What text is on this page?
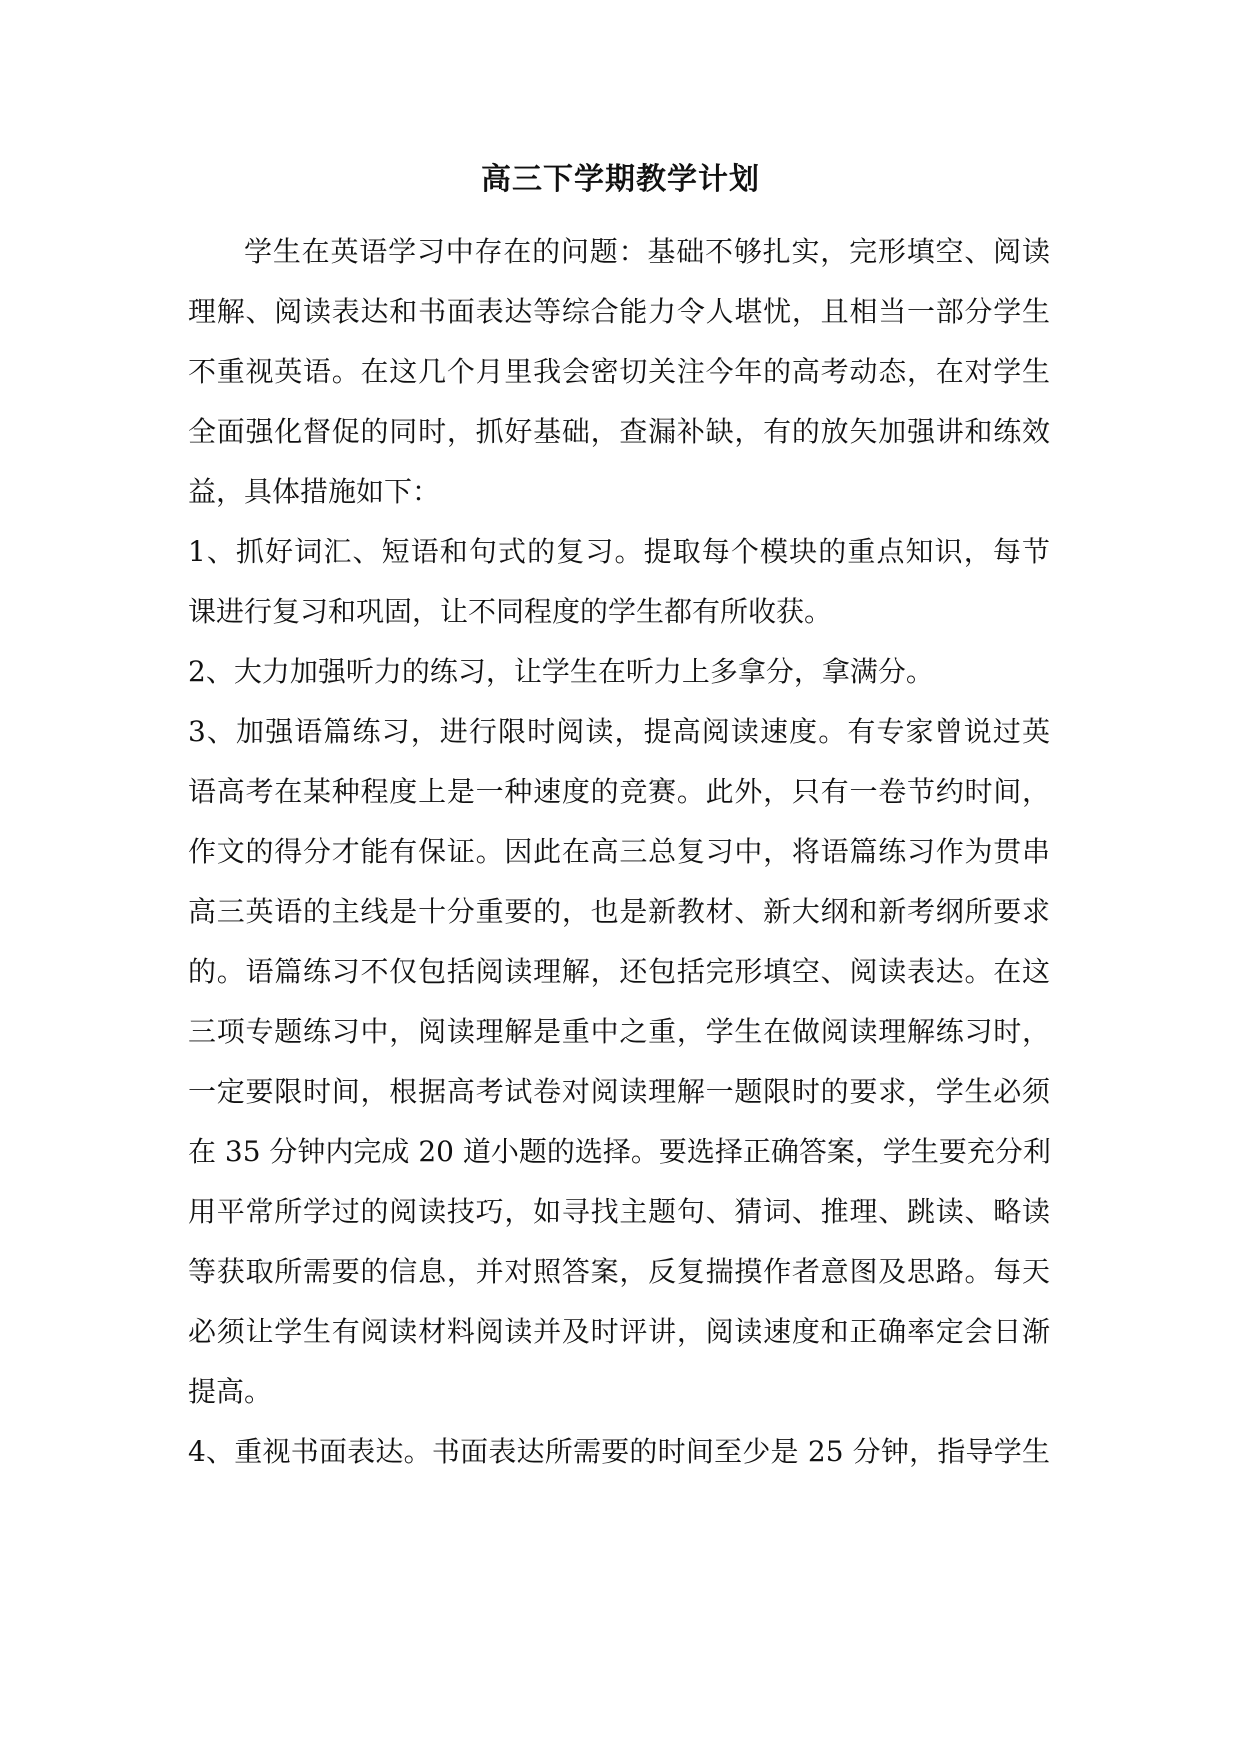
高三下学期教学计划
学生在英语学习中存在的问题：基础不够扎实，完形填空、阅读
理解、阅读表达和书面表达等综合能力令人堪忧，且相当一部分学生
不重视英语。在这几个月里我会密切关注今年的高考动态，在对学生
全面强化督促的同时，抓好基础，查漏补缺，有的放矢加强讲和练效
益，具体措施如下：
1、抓好词汇、短语和句式的复习。提取每个模块的重点知识，每节
课进行复习和巩固，让不同程度的学生都有所收获。
2、大力加强听力的练习，让学生在听力上多拿分，拿满分。
3、加强语篇练习，进行限时阅读，提高阅读速度。有专家曾说过英
语高考在某种程度上是一种速度的竞赛。此外，只有一卷节约时间，
作文的得分才能有保证。因此在高三总复习中，将语篇练习作为贯串
高三英语的主线是十分重要的，也是新教材、新大纲和新考纲所要求
的。语篇练习不仅包括阅读理解，还包括完形填空、阅读表达。在这
三项专题练习中，阅读理解是重中之重，学生在做阅读理解练习时，
一定要限时间，根据高考试卷对阅读理解一题限时的要求，学生必须
在 35 分钟内完成 20 道小题的选择。要选择正确答案，学生要充分利
用平常所学过的阅读技巧，如寻找主题句、猜词、推理、跳读、略读
等获取所需要的信息，并对照答案，反复揣摸作者意图及思路。每天
必须让学生有阅读材料阅读并及时评讲，阅读速度和正确率定会日渐
提高。
4、重视书面表达。书面表达所需要的时间至少是 25 分钟，指导学生
